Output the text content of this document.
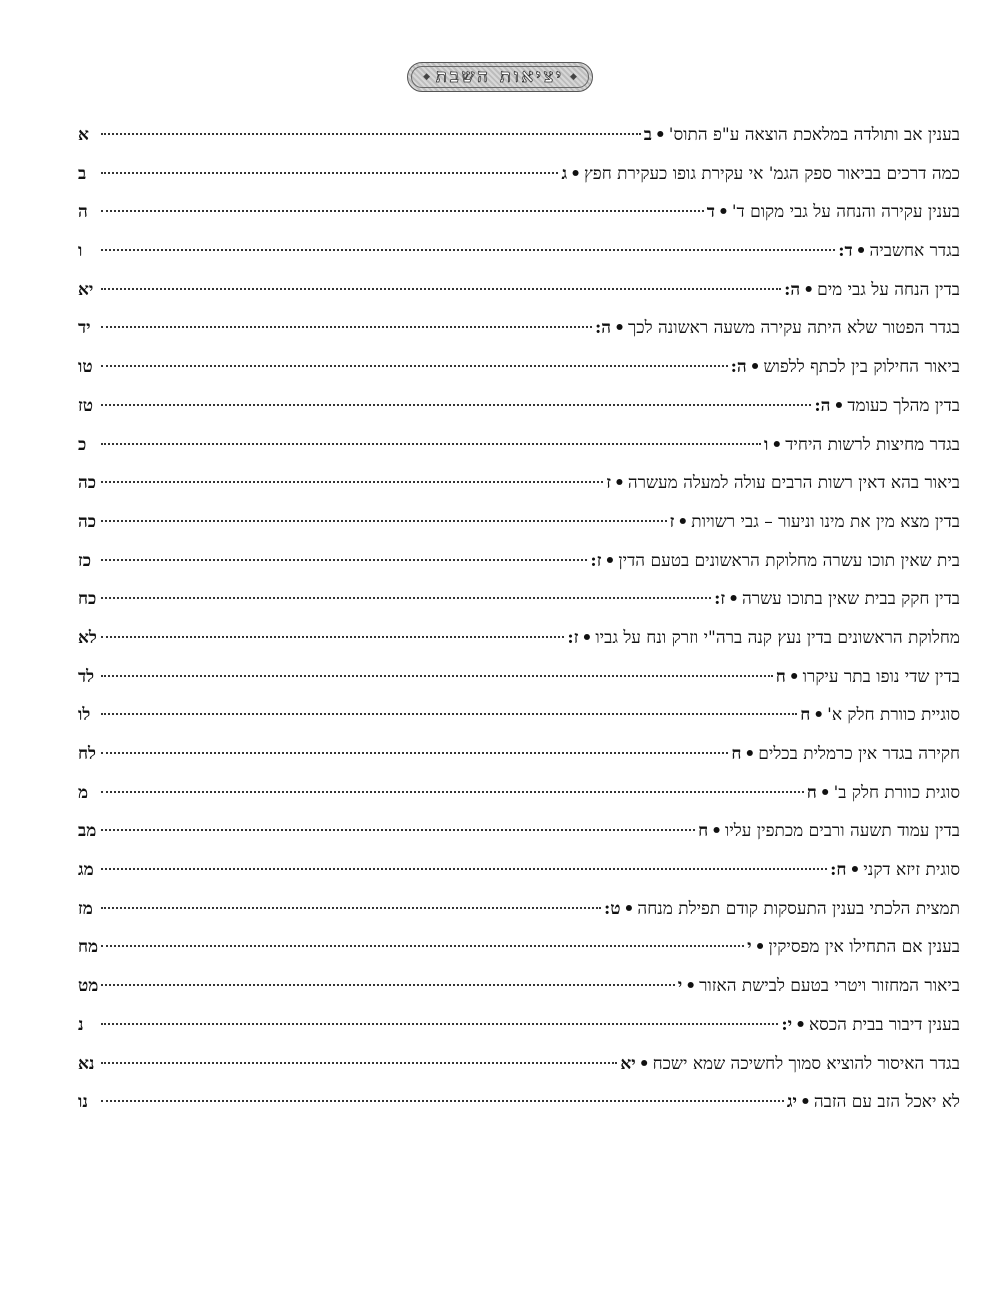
◆
יציאות השבת
◆
בענין אב ותולדה במלאכת הוצאה ע"פ התוס'
•
ב
א
כמה דרכים בביאור ספק הגמ' אי עקירת גופו כעקירת חפץ
•
ג
ב
בענין עקירה והנחה על גבי מקום ד'
•
ד
ה
בגדר אחשביה
•
ד:
ו
בדין הנחה על גבי מים
•
ה:
יא
בגדר הפטור שלא היתה עקירה משעה ראשונה לכך
•
ה:
יד
ביאור החילוק בין לכתף ללפוש
•
ה:
טו
בדין מהלך כעומד
•
ה:
טז
בגדר מחיצות לרשות היחיד
•
ו
כ
ביאור בהא דאין רשות הרבים עולה למעלה מעשרה
•
ז
כה
בדין מצא מין את מינו וניעור – גבי רשויות
•
ז
כה
בית שאין תוכו עשרה מחלוקת הראשונים בטעם הדין
•
ז:
כז
בדין חקק בבית שאין בתוכו עשרה
•
ז:
כח
מחלוקת הראשונים בדין נעץ קנה ברה"י וזרק ונח על גביו
•
ז:
לא
בדין שדי נופו בתר עיקרו
•
ח
לד
סוגיית כוורת חלק א'
•
ח
לו
חקירה בגדר אין כרמלית בכלים
•
ח
לח
סוגית כוורת חלק ב'
•
ח
מ
בדין עמוד תשעה ורבים מכתפין עליו
•
ח
מב
סוגית זיזא דקני
•
ח:
מג
תמצית הלכתי בענין התעסקות קודם תפילת מנחה
•
ט:
מז
בענין אם התחילו אין מפסיקין
•
י
מח
ביאור המחזור ויטרי בטעם לבישת האזור
•
י
מט
בענין דיבור בבית הכסא
•
י:
נ
בגדר האיסור להוציא סמוך לחשיכה שמא ישכח
•
יא
נא
לא יאכל הזב עם הזבה
•
יג
נו
